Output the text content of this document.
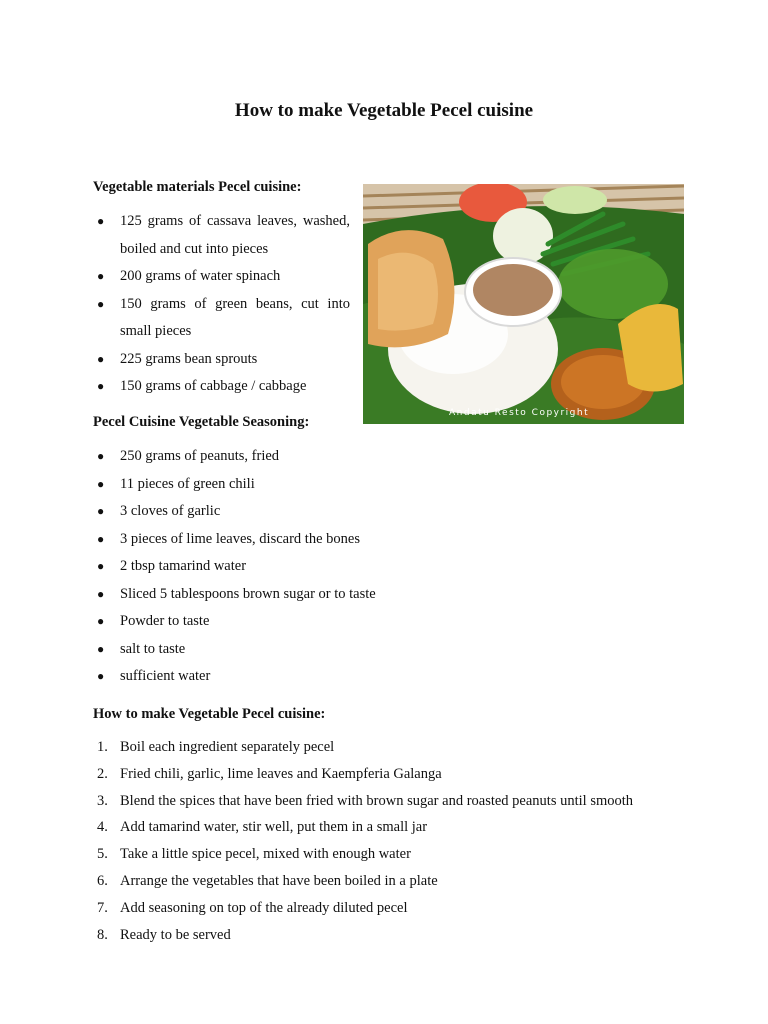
How to make Vegetable Pecel cuisine
Vegetable materials Pecel cuisine:
● 125 grams of cassava leaves, washed, boiled and cut into pieces
● 200 grams of water spinach
● 150 grams of green beans, cut into small pieces
● 225 grams bean sprouts
● 150 grams of cabbage / cabbage
Andatu Resto Copyright
Pecel Cuisine Vegetable Seasoning:
● 250 grams of peanuts, fried
● 11 pieces of green chili
● 3 cloves of garlic
● 3 pieces of lime leaves, discard the bones
● 2 tbsp tamarind water
● Sliced 5 tablespoons brown sugar or to taste
● Powder to taste
● salt to taste
● sufficient water
How to make Vegetable Pecel cuisine:
1. Boil each ingredient separately pecel
2. Fried chili, garlic, lime leaves and Kaempferia Galanga
3. Blend the spices that have been fried with brown sugar and roasted peanuts until smooth
4. Add tamarind water, stir well, put them in a small jar
5. Take a little spice pecel, mixed with enough water
6. Arrange the vegetables that have been boiled in a plate
7. Add seasoning on top of the already diluted pecel
8. Ready to be served
